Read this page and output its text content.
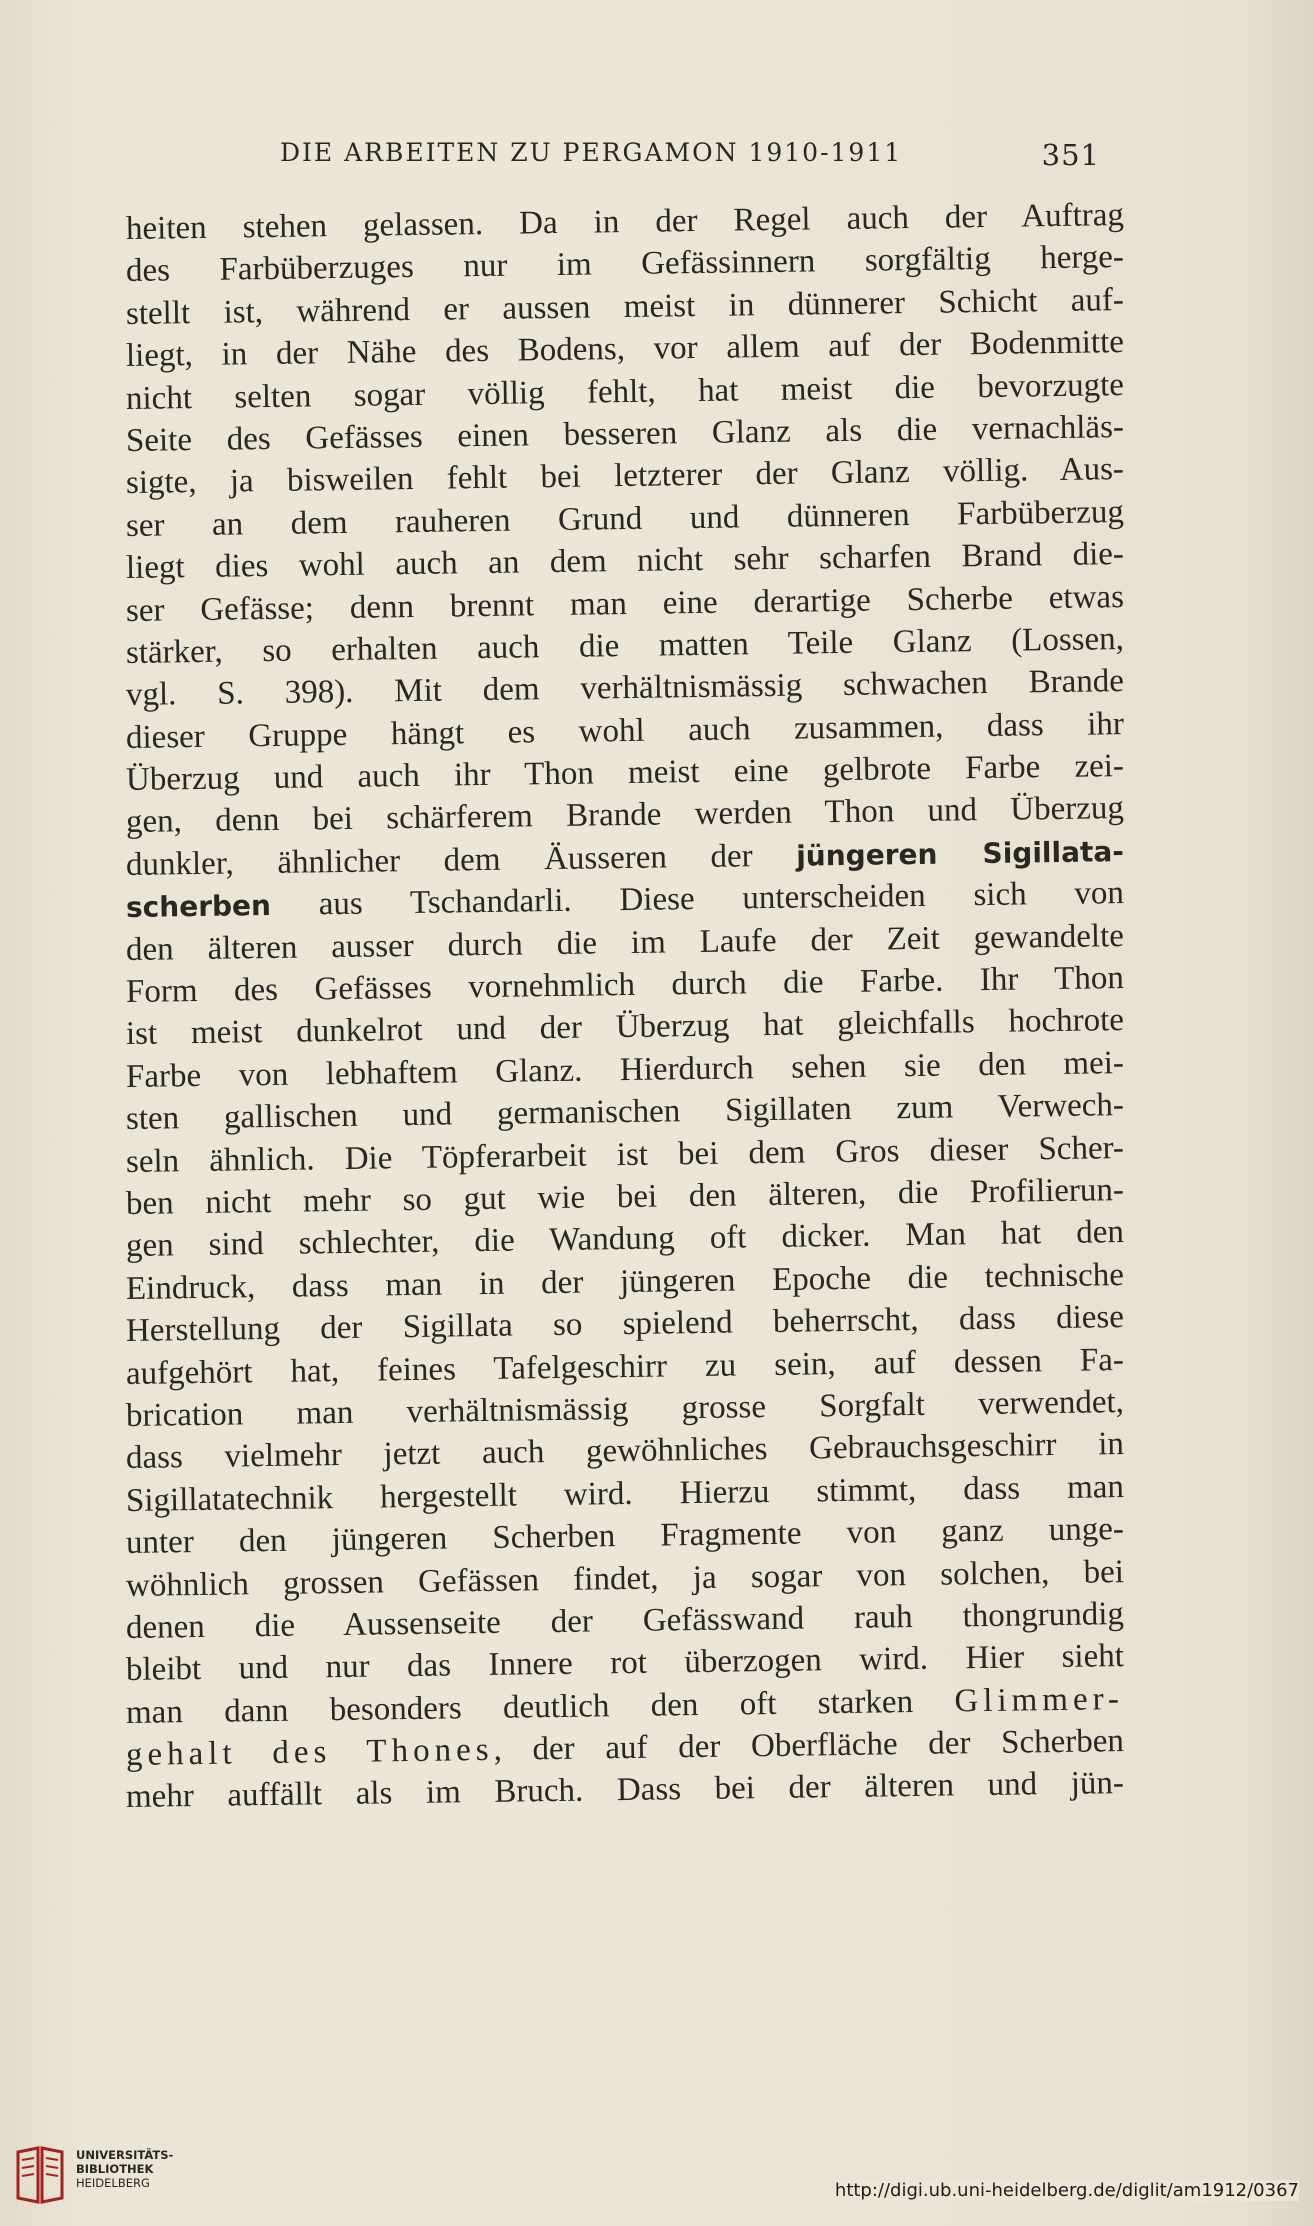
DIE ARBEITEN ZU PERGAMON 1910-1911	351
heiten stehen gelassen. Da in der Regel auch der Auftrag
des Farbüberzuges nur im Gefässinnern sorgfältig herge-
stellt ist, während er aussen meist in dünnerer Schicht auf-
liegt, in der Nähe des Bodens, vor allem auf der Bodenmitte
nicht selten sogar völlig fehlt, hat meist die bevorzugte
Seite des Gefässes einen besseren Glanz als die vernachläs-
sigte, ja bisweilen fehlt bei letzterer der Glanz völlig. Aus-
ser an dem rauheren Grund und dünneren Farbüberzug
liegt dies wohl auch an dem nicht sehr scharfen Brand die-
ser Gefässe; denn brennt man eine derartige Scherbe etwas
stärker, so erhalten auch die matten Teile Glanz (Lossen,
vgl. S. 398). Mit dem verhältnismässig schwachen Brande
dieser Gruppe hängt es wohl auch zusammen, dass ihr
Überzug und auch ihr Thon meist eine gelbrote Farbe zei-
gen, denn bei schärferem Brande werden Thon und Überzug
dunkler, ähnlicher dem Äusseren der jüngeren Sigillata-
scherben aus Tschandarli. Diese unterscheiden sich von
den älteren ausser durch die im Laufe der Zeit gewandelte
Form des Gefässes vornehmlich durch die Farbe. Ihr Thon
ist meist dunkelrot und der Überzug hat gleichfalls hochrote
Farbe von lebhaftem Glanz. Hierdurch sehen sie den mei-
sten gallischen und germanischen Sigillaten zum Verwech-
seln ähnlich. Die Töpferarbeit ist bei dem Gros dieser Scher-
ben nicht mehr so gut wie bei den älteren, die Profilierun-
gen sind schlechter, die Wandung oft dicker. Man hat den
Eindruck, dass man in der jüngeren Epoche die technische
Herstellung der Sigillata so spielend beherrscht, dass diese
aufgehört hat, feines Tafelgeschirr zu sein, auf dessen Fa-
brication man verhältnismässig grosse Sorgfalt verwendet,
dass vielmehr jetzt auch gewöhnliches Gebrauchsgeschirr in
Sigillatatechnik hergestellt wird. Hierzu stimmt, dass man
unter den jüngeren Scherben Fragmente von ganz unge-
wöhnlich grossen Gefässen findet, ja sogar von solchen, bei
denen die Aussenseite der Gefässwand rauh thongrundig
bleibt und nur das Innere rot überzogen wird. Hier sieht
man dann besonders deutlich den oft starken Glimmer-
gehalt des Thones, der auf der Oberfläche der Scherben
mehr auffällt als im Bruch. Dass bei der älteren und jün-
UNIVERSITÄTS-
BIBLIOTHEK
HEIDELBERG	http://digi.ub.uni-heidelberg.de/diglit/am1912/0367
